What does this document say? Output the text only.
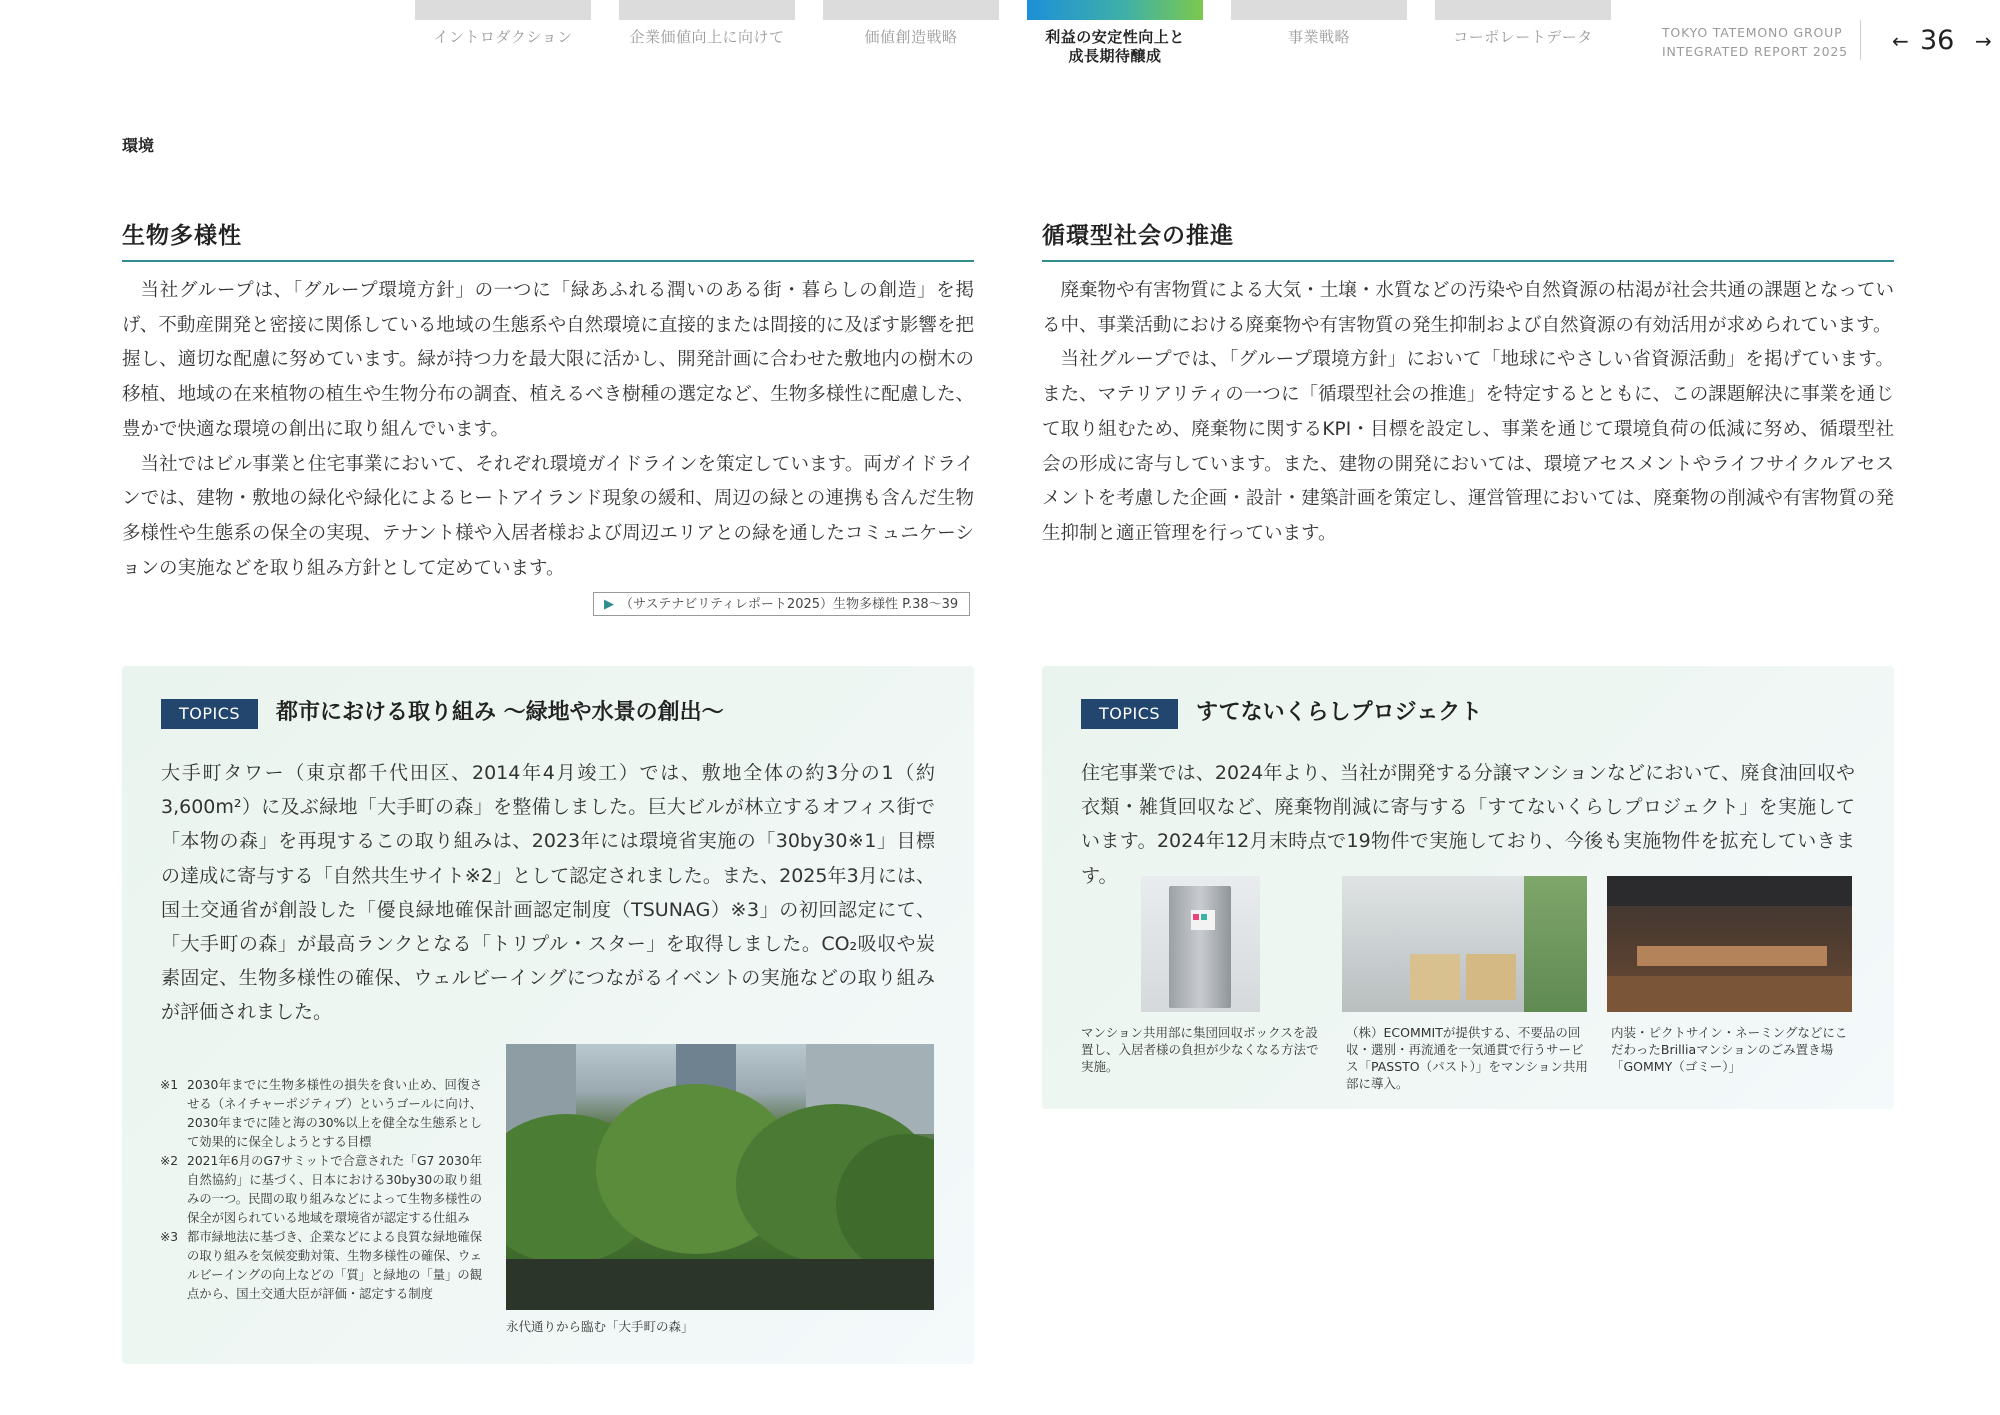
イントロダクション	企業価値向上に向けて	価値創造戦略	利益の安定性向上と
成長期待醸成
事業戦略	コーポレートデータ	TOKYO TATEMONO GROUP
INTEGRATED REPORT 2025 ← 36 →
環境
生物多様性

当社グループは、「グループ環境方針」の一つに「緑あふれる潤いのある街・暮らしの創造」を掲げ、不動産開発と密接に関係している地域の生態系や自然環境に直接的または間接的に及ぼす影響を把握し、適切な配慮に努めています。緑が持つ力を最大限に活かし、開発計画に合わせた敷地内の樹木の移植、地域の在来植物の植生や生物分布の調査、植えるべき樹種の選定など、生物多様性に配慮した、豊かで快適な環境の創出に取り組んでいます。

当社ではビル事業と住宅事業において、それぞれ環境ガイドラインを策定しています。両ガイドラインでは、建物・敷地の緑化や緑化によるヒートアイランド現象の緩和、周辺の緑との連携も含んだ生物多様性や生態系の保全の実現、テナント様や入居者様および周辺エリアとの緑を通したコミュニケーションの実施などを取り組み方針として定めています。

▶ （サステナビリティレポート2025）生物多様性 P.38～39
循環型社会の推進

廃棄物や有害物質による大気・土壌・水質などの汚染や自然資源の枯渇が社会共通の課題となっている中、事業活動における廃棄物や有害物質の発生抑制および自然資源の有効活用が求められています。

当社グループでは、「グループ環境方針」において「地球にやさしい省資源活動」を掲げています。また、マテリアリティの一つに「循環型社会の推進」を特定するとともに、この課題解決に事業を通じて取り組むため、廃棄物に関するKPI・目標を設定し、事業を通じて環境負荷の低減に努め、循環型社会の形成に寄与しています。また、建物の開発においては、環境アセスメントやライフサイクルアセスメントを考慮した企画・設計・建築計画を策定し、運営管理においては、廃棄物の削減や有害物質の発生抑制と適正管理を行っています。

TOPICS	都市における取り組み ～緑地や水景の創出～

大手町タワー（東京都千代田区、2014年4月竣工）では、敷地全体の約3分の1（約3,600m²）に及ぶ緑地「大手町の森」を整備しました。巨大ビルが林立するオフィス街で「本物の森」を再現するこの取り組みは、2023年には環境省実施の「30by30※1」目標の達成に寄与する「自然共生サイト※2」として認定されました。また、2025年3月には、国土交通省が創設した「優良緑地確保計画認定制度（TSUNAG）※3」の初回認定にて、「大手町の森」が最高ランクとなる「トリプル・スター」を取得しました。CO₂吸収や炭素固定、生物多様性の確保、ウェルビーイングにつながるイベントの実施などの取り組みが評価されました。

※1 2030年までに生物多様性の損失を食い止め、回復させる（ネイチャーポジティブ）というゴールに向け、2030年までに陸と海の30%以上を健全な生態系として効果的に保全しようとする目標
※2 2021年6月のG7サミットで合意された「G7 2030年 自然協約」に基づく、日本における30by30の取り組みの一つ。民間の取り組みなどによって生物多様性の保全が図られている地域を環境省が認定する仕組み
※3 都市緑地法に基づき、企業などによる良質な緑地確保の取り組みを気候変動対策、生物多様性の確保、ウェルビーイングの向上などの「質」と緑地の「量」の観点から、国土交通大臣が評価・認定する制度
永代通りから臨む「大手町の森」
TOPICS	すてないくらしプロジェクト

住宅事業では、2024年より、当社が開発する分譲マンションなどにおいて、廃食油回収や衣類・雑貨回収など、廃棄物削減に寄与する「すてないくらしプロジェクト」を実施しています。2024年12月末時点で19物件で実施しており、今後も実施物件を拡充していきます。

マンション共用部に集団回収ボックスを設置し、入居者様の負担が少なくなる方法で実施。
（株）ECOMMITが提供する、不要品の回収・選別・再流通を一気通貫で行うサービス「PASSTO（パスト）」をマンション共用部に導入。
内装・ピクトサイン・ネーミングなどにこだわったBrilliaマンションのごみ置き場「GOMMY（ゴミー）」
